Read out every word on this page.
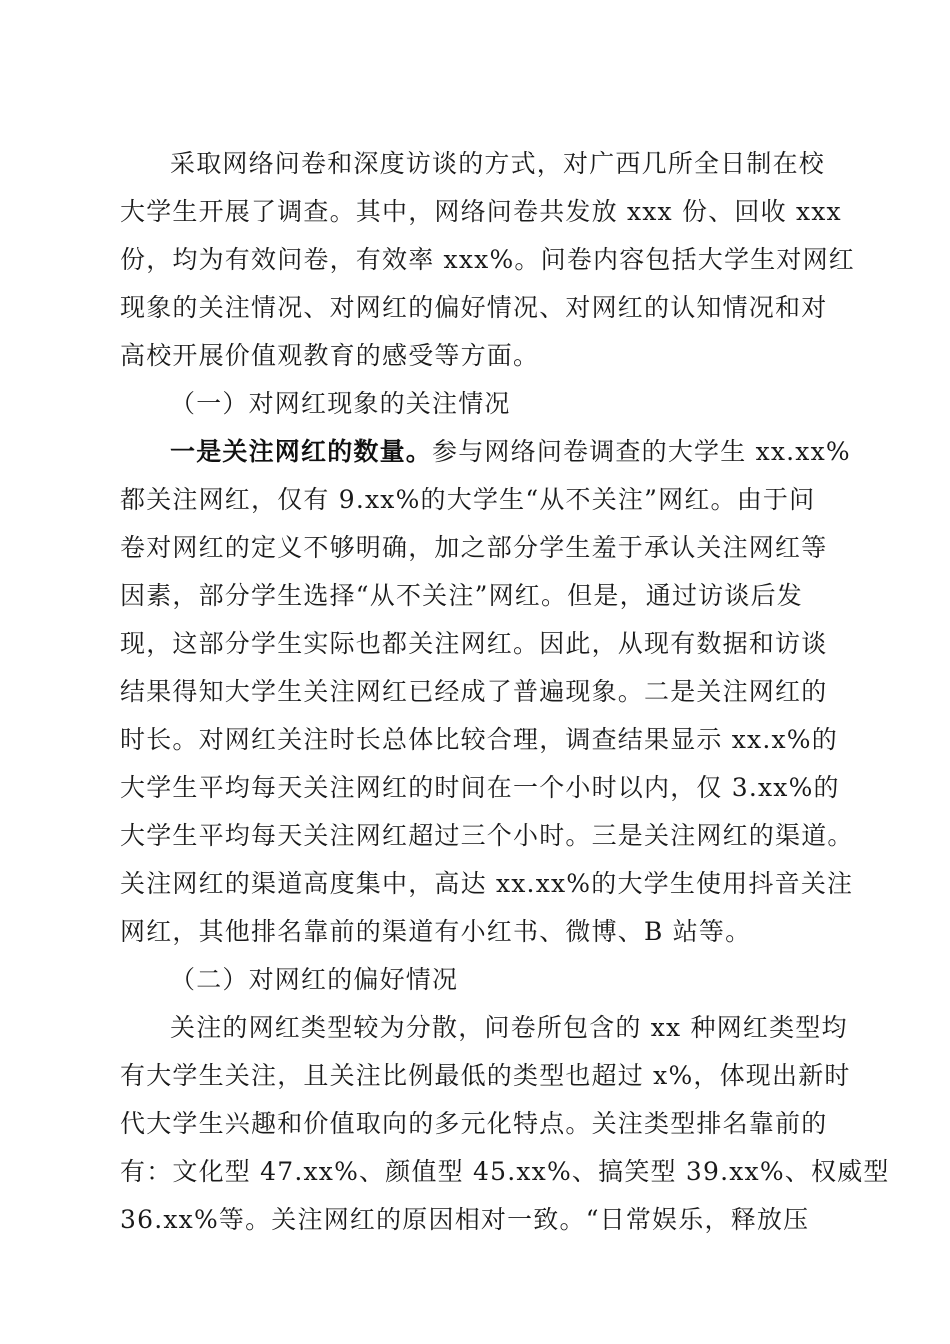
采取网络问卷和深度访谈的方式，对广西几所全日制在校
大学生开展了调查。其中，网络问卷共发放 xxx 份、回收 xxx
份，均为有效问卷，有效率 xxx%。问卷内容包括大学生对网红
现象的关注情况、对网红的偏好情况、对网红的认知情况和对
高校开展价值观教育的感受等方面。
（一）对网红现象的关注情况
一是关注网红的数量。参与网络问卷调查的大学生 xx.xx%
都关注网红，仅有 9.xx%的大学生“从不关注”网红。由于问
卷对网红的定义不够明确，加之部分学生羞于承认关注网红等
因素，部分学生选择“从不关注”网红。但是，通过访谈后发
现，这部分学生实际也都关注网红。因此，从现有数据和访谈
结果得知大学生关注网红已经成了普遍现象。二是关注网红的
时长。对网红关注时长总体比较合理，调查结果显示 xx.x%的
大学生平均每天关注网红的时间在一个小时以内，仅 3.xx%的
大学生平均每天关注网红超过三个小时。三是关注网红的渠道。
关注网红的渠道高度集中，高达 xx.xx%的大学生使用抖音关注
网红，其他排名靠前的渠道有小红书、微博、B 站等。
（二）对网红的偏好情况
关注的网红类型较为分散，问卷所包含的 xx 种网红类型均
有大学生关注，且关注比例最低的类型也超过 x%，体现出新时
代大学生兴趣和价值取向的多元化特点。关注类型排名靠前的
有：文化型 47.xx%、颜值型 45.xx%、搞笑型 39.xx%、权威型
36.xx%等。关注网红的原因相对一致。“日常娱乐，释放压
